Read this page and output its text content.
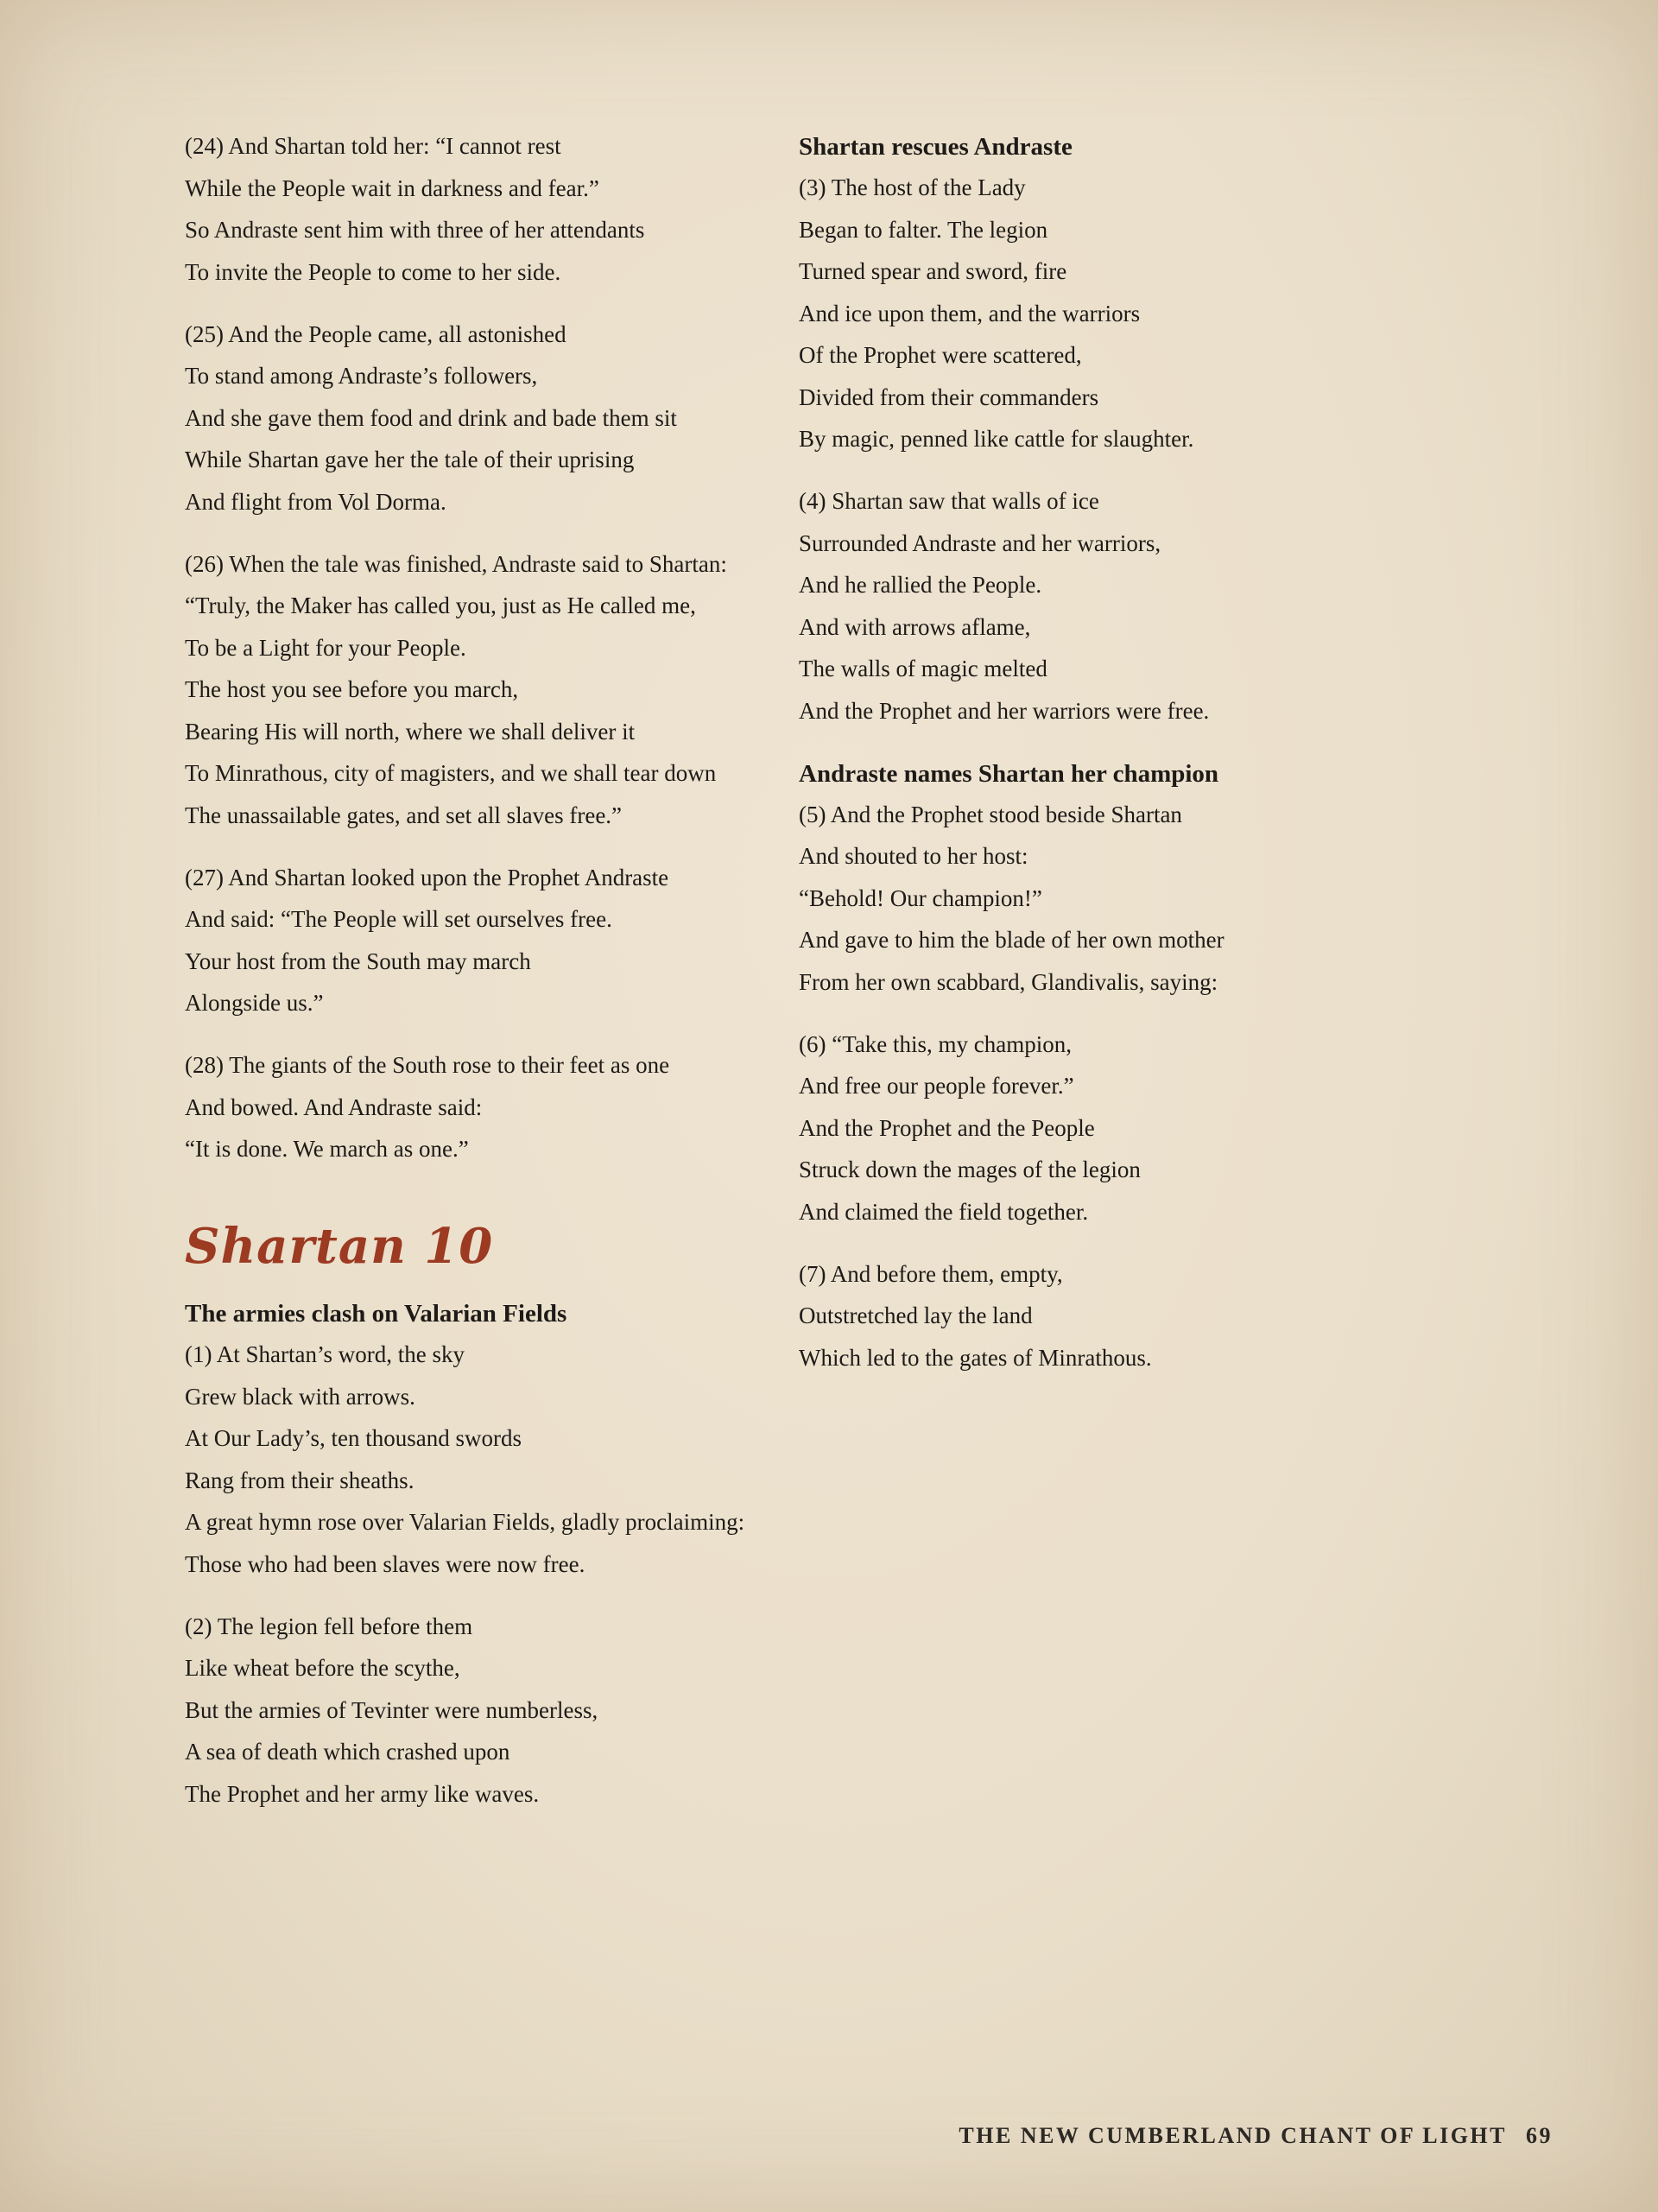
(24) And Shartan told her: “I cannot rest
While the People wait in darkness and fear.”
So Andraste sent him with three of her attendants
To invite the People to come to her side.
(25) And the People came, all astonished
To stand among Andraste’s followers,
And she gave them food and drink and bade them sit
While Shartan gave her the tale of their uprising
And flight from Vol Dorma.
(26) When the tale was finished, Andraste said to Shartan:
“Truly, the Maker has called you, just as He called me,
To be a Light for your People.
The host you see before you march,
Bearing His will north, where we shall deliver it
To Minrathous, city of magisters, and we shall tear down
The unassailable gates, and set all slaves free.”
(27) And Shartan looked upon the Prophet Andraste
And said: “The People will set ourselves free.
Your host from the South may march
Alongside us.”
(28) The giants of the South rose to their feet as one
And bowed. And Andraste said:
“It is done. We march as one.”
Shartan 10
The armies clash on Valarian Fields
(1) At Shartan’s word, the sky
Grew black with arrows.
At Our Lady’s, ten thousand swords
Rang from their sheaths.
A great hymn rose over Valarian Fields, gladly proclaiming:
Those who had been slaves were now free.
(2) The legion fell before them
Like wheat before the scythe,
But the armies of Tevinter were numberless,
A sea of death which crashed upon
The Prophet and her army like waves.
Shartan rescues Andraste
(3) The host of the Lady
Began to falter. The legion
Turned spear and sword, fire
And ice upon them, and the warriors
Of the Prophet were scattered,
Divided from their commanders
By magic, penned like cattle for slaughter.
(4) Shartan saw that walls of ice
Surrounded Andraste and her warriors,
And he rallied the People.
And with arrows aflame,
The walls of magic melted
And the Prophet and her warriors were free.
Andraste names Shartan her champion
(5) And the Prophet stood beside Shartan
And shouted to her host:
“Behold! Our champion!”
And gave to him the blade of her own mother
From her own scabbard, Glandivalis, saying:
(6) “Take this, my champion,
And free our people forever.”
And the Prophet and the People
Struck down the mages of the legion
And claimed the field together.
(7) And before them, empty,
Outstretched lay the land
Which led to the gates of Minrathous.
THE NEW CUMBERLAND CHANT OF LIGHT 69
